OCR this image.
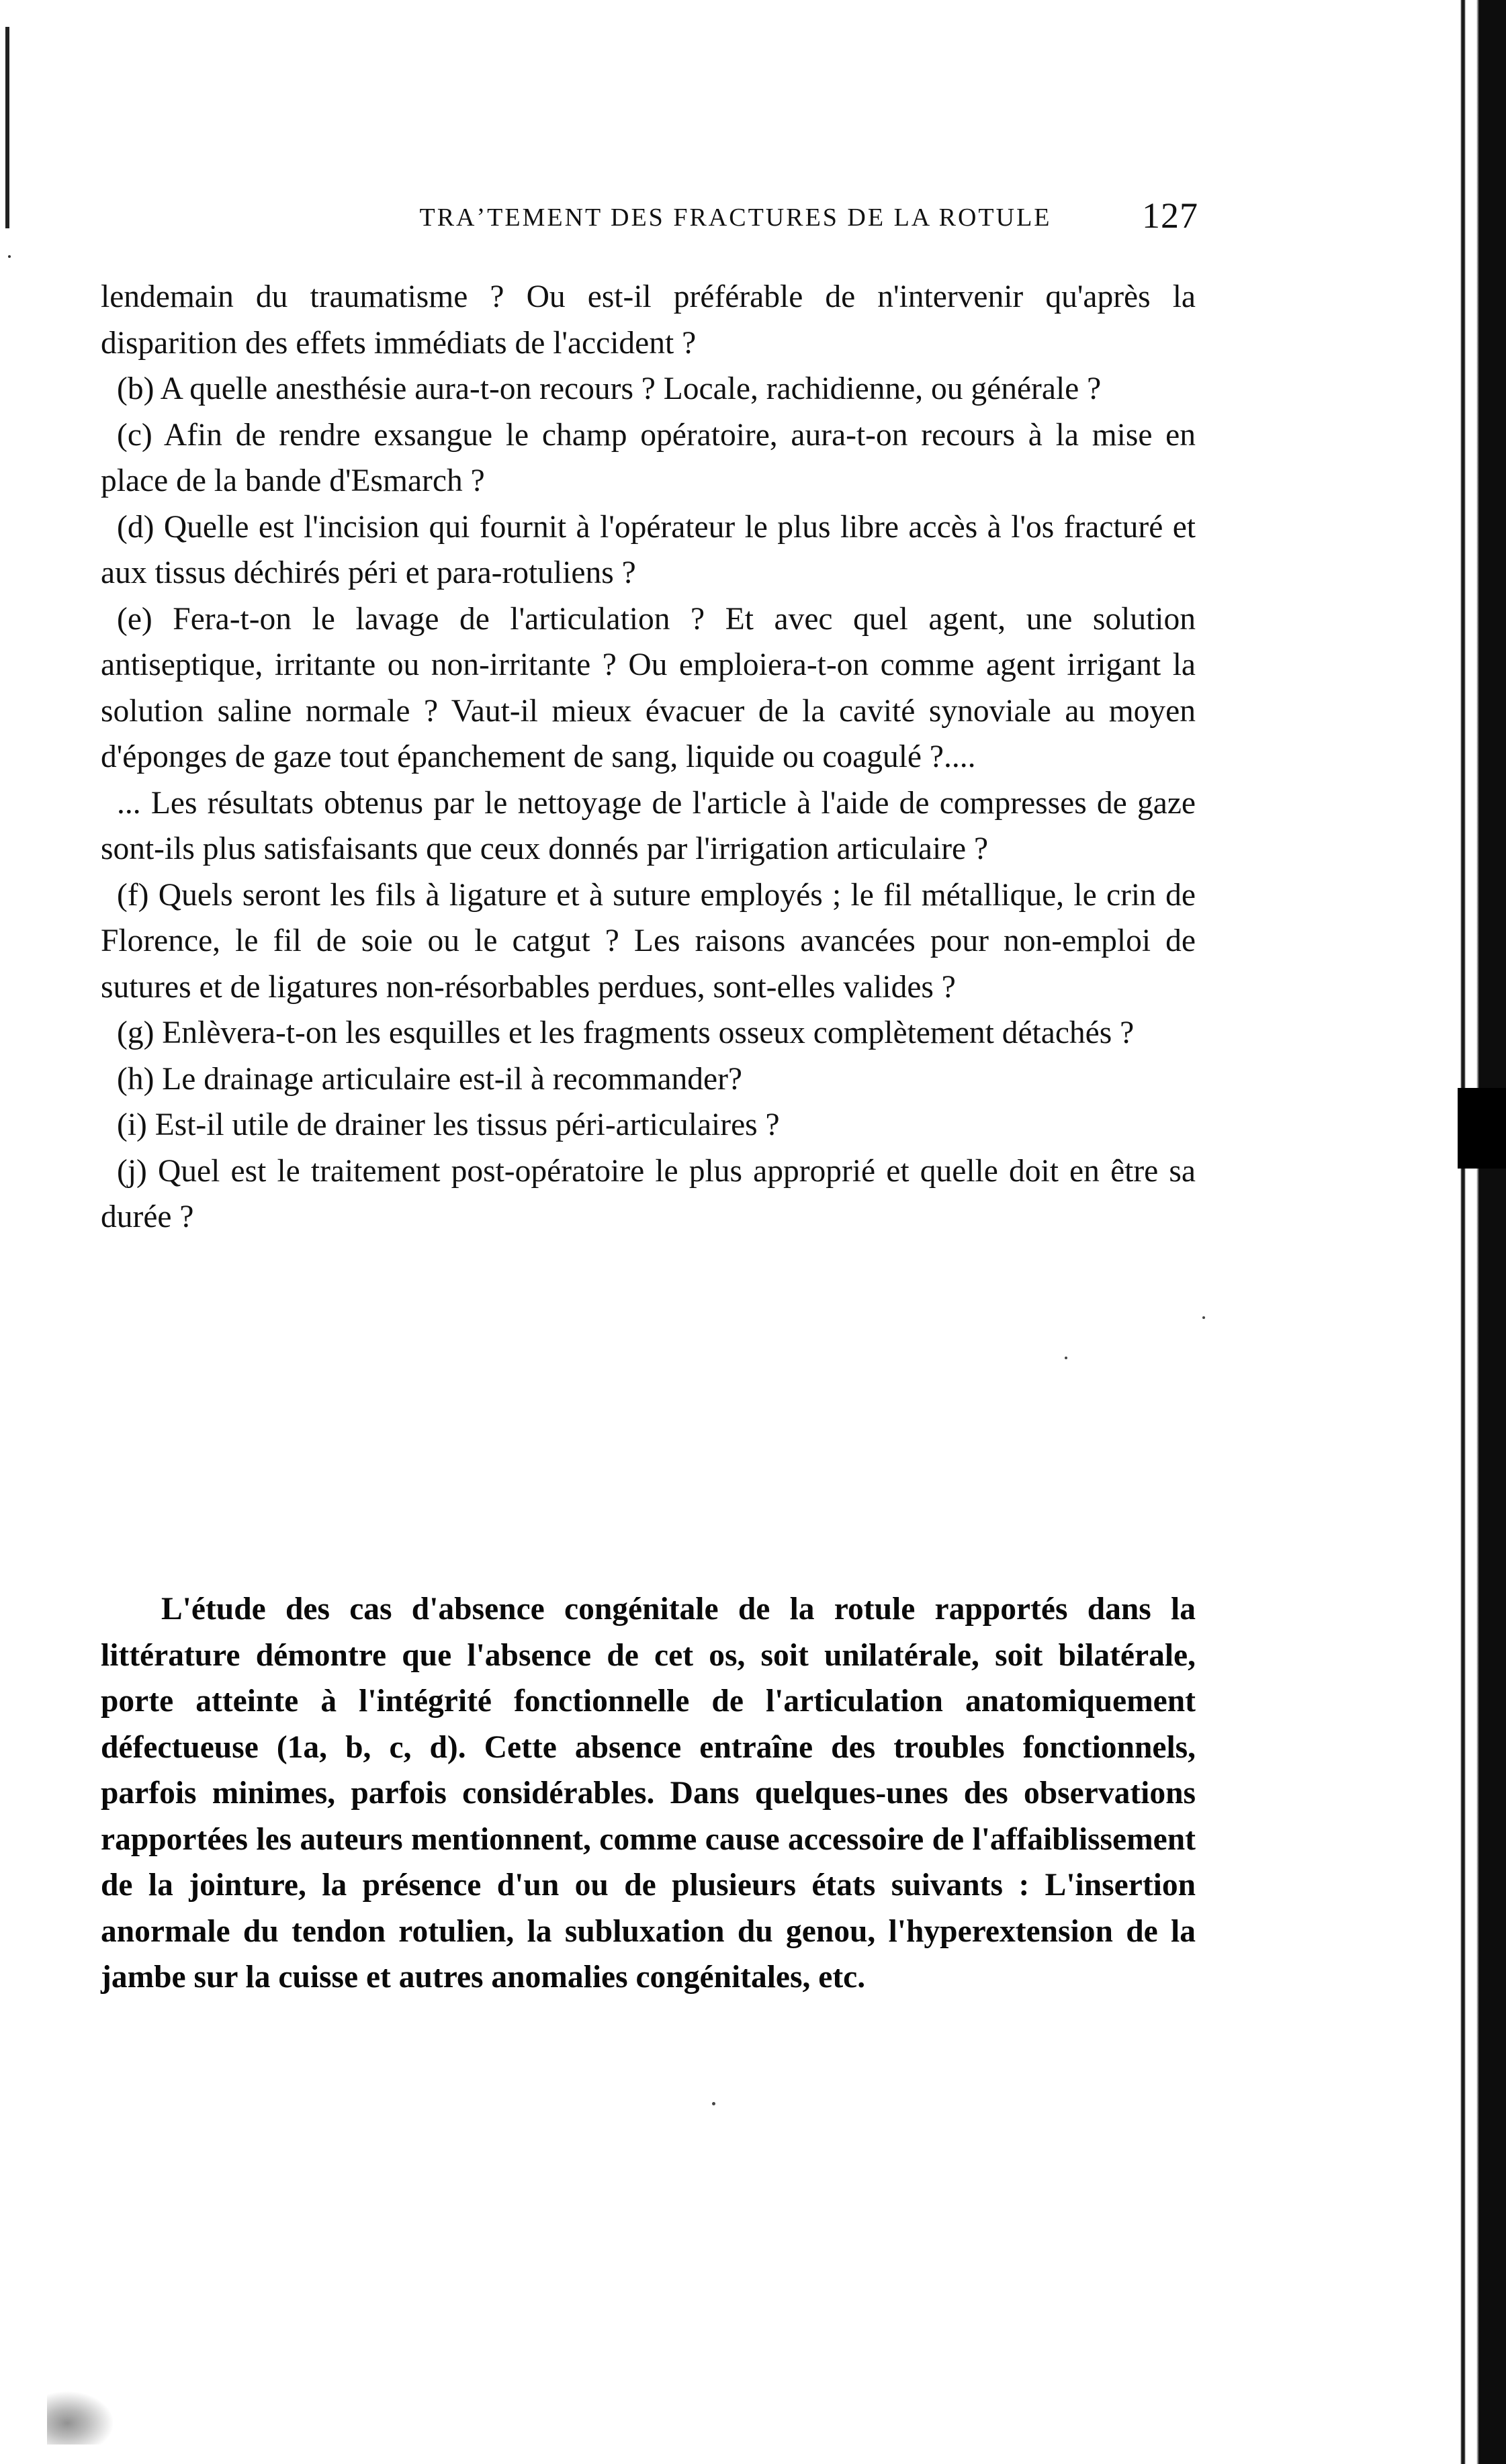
TRAʼTEMENT DES FRACTURES DE LA ROTULE	127

lendemain du traumatisme ? Ou est-il préférable de n'intervenir qu'après la disparition des effets immédiats de l'accident ?

(b) A quelle anesthésie aura-t-on recours ? Locale, rachidienne, ou générale ?

(c) Afin de rendre exsangue le champ opératoire, aura-t-on recours à la mise en place de la bande d'Esmarch ?

(d) Quelle est l'incision qui fournit à l'opérateur le plus libre accès à l'os fracturé et aux tissus déchirés péri et para-rotuliens ?

(e) Fera-t-on le lavage de l'articulation ? Et avec quel agent, une solution antiseptique, irritante ou non-irritante ? Ou emploiera-t-on comme agent irrigant la solution saline normale ? Vaut-il mieux évacuer de la cavité synoviale au moyen d'éponges de gaze tout épanchement de sang, liquide ou coagulé ?....

... Les résultats obtenus par le nettoyage de l'article à l'aide de compresses de gaze sont-ils plus satisfaisants que ceux donnés par l'irrigation articulaire ?

(f) Quels seront les fils à ligature et à suture employés ; le fil métallique, le crin de Florence, le fil de soie ou le catgut ? Les raisons avancées pour non-emploi de sutures et de ligatures non-résorbables perdues, sont-elles valides ?

(g) Enlèvera-t-on les esquilles et les fragments osseux complètement détachés ?

(h) Le drainage articulaire est-il à recommander?

(i) Est-il utile de drainer les tissus péri-articulaires ?

(j) Quel est le traitement post-opératoire le plus approprié et quelle doit en être sa durée ?

L'étude des cas d'absence congénitale de la rotule rapportés dans la littérature démontre que l'absence de cet os, soit unilatérale, soit bilatérale, porte atteinte à l'intégrité fonctionnelle de l'articulation anatomiquement défectueuse (1a, b, c, d). Cette absence entraîne des troubles fonctionnels, parfois minimes, parfois considérables. Dans quelques-unes des observations rapportées les auteurs mentionnent, comme cause accessoire de l'affaiblissement de la jointure, la présence d'un ou de plusieurs états suivants : L'insertion anormale du tendon rotulien, la subluxation du genou, l'hyperextension de la jambe sur la cuisse et autres anomalies congénitales, etc.
